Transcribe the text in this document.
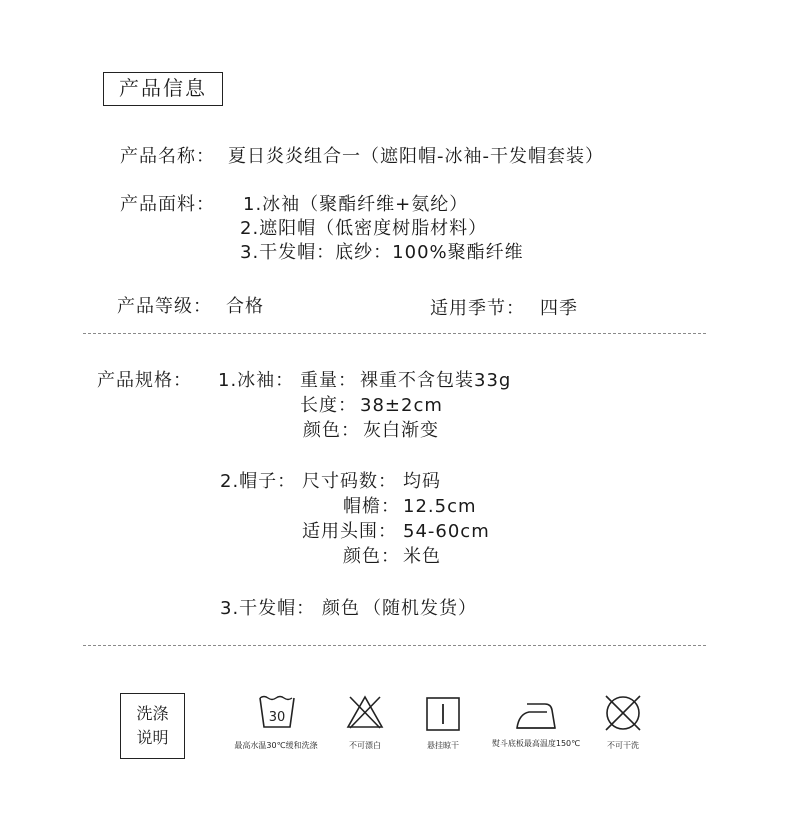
产品信息
产品名称： 夏日炎炎组合一（遮阳帽-冰袖-干发帽套装）
产品面料： 1.冰袖（聚酯纤维+氨纶）
2.遮阳帽（低密度树脂材料）
3.干发帽：底纱：100%聚酯纤维
产品等级： 合格	适用季节： 四季
产品规格： 1.冰袖： 重量： 裸重不含包装33g
长度： 38±2cm
颜色： 灰白渐变
2.帽子： 尺寸码数： 均码
帽檐： 12.5cm
适用头围： 54-60cm
颜色： 米色
3.干发帽： 颜色 （随机发货）
洗涤
说明
30
最高水温30℃缓和洗涤	不可漂白	悬挂晾干	熨斗底板最高温度150℃	不可干洗
